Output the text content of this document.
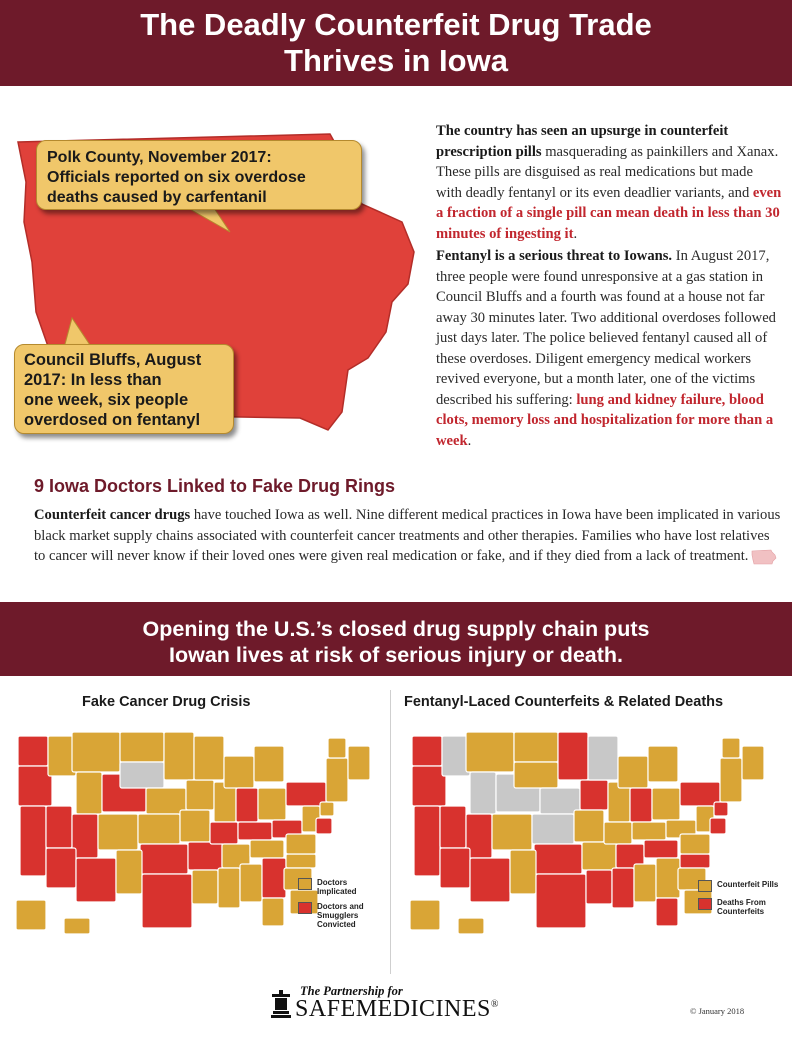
The Deadly Counterfeit Drug Trade
Thrives in Iowa
Polk County, November 2017:
Officials reported on six overdose
deaths caused by carfentanil
Council Bluffs, August
2017: In less than
one week, six people
overdosed on fentanyl

The country has seen an upsurge in counterfeit prescription pills masquerading as painkillers and Xanax. These pills are disguised as real medications but made with deadly fentanyl or its even deadlier variants, and even a fraction of a single pill can mean death in less than 30 minutes of ingesting it.

Fentanyl is a serious threat to Iowans. In August 2017, three people were found unresponsive at a gas station in Council Bluffs and a fourth was found at a house not far away 30 minutes later. Two additional overdoses followed just days later. The police believed fentanyl caused all of these overdoses. Diligent emergency medical workers revived everyone, but a month later, one of the victims described his suffering: lung and kidney failure, blood clots, memory loss and hospitalization for more than a week.

9 Iowa Doctors Linked to Fake Drug Rings

Counterfeit cancer drugs have touched Iowa as well. Nine different medical practices in Iowa have been implicated in various black market supply chains associated with counterfeit cancer treatments and other therapies. Families who have lost relatives to cancer will never know if their loved ones were given real medication or fake, and if they died from a lack of treatment.

Opening the U.S.’s closed drug supply chain puts
Iowan lives at risk of serious injury or death.
Fake Cancer Drug Crisis	Fentanyl-Laced Counterfeits & Related Deaths
Doctors Implicated
Doctors and Smugglers Convicted
Counterfeit Pills
Deaths From Counterfeits
The Partnership for
SAFEMEDICINES®
© January 2018
